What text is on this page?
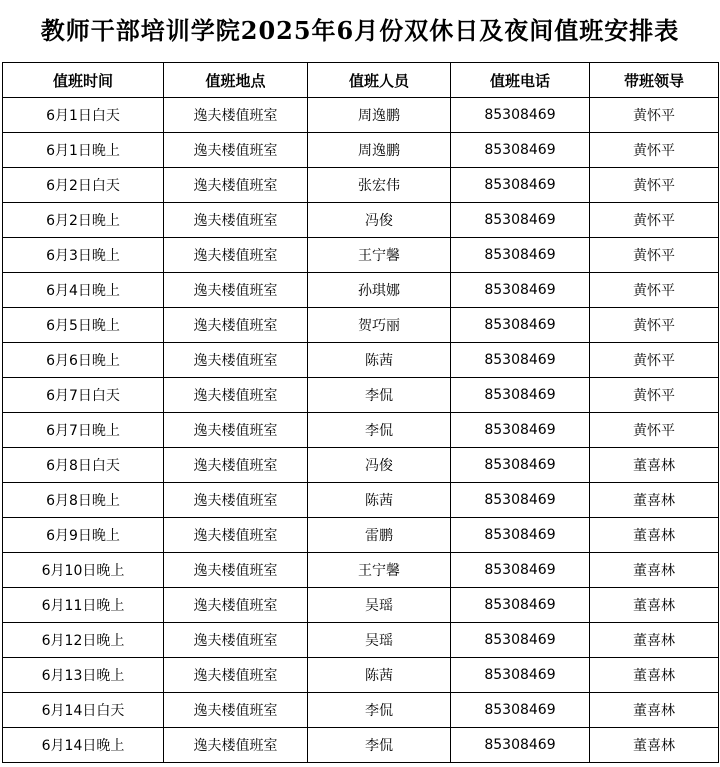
教师干部培训学院2025年6月份双休日及夜间值班安排表
值班时间	值班地点	值班人员	值班电话	带班领导
6月1日白天	逸夫楼值班室	周逸鹏	85308469	黄怀平
6月1日晚上	逸夫楼值班室	周逸鹏	85308469	黄怀平
6月2日白天	逸夫楼值班室	张宏伟	85308469	黄怀平
6月2日晚上	逸夫楼值班室	冯俊	85308469	黄怀平
6月3日晚上	逸夫楼值班室	王宁馨	85308469	黄怀平
6月4日晚上	逸夫楼值班室	孙琪娜	85308469	黄怀平
6月5日晚上	逸夫楼值班室	贺巧丽	85308469	黄怀平
6月6日晚上	逸夫楼值班室	陈茜	85308469	黄怀平
6月7日白天	逸夫楼值班室	李侃	85308469	黄怀平
6月7日晚上	逸夫楼值班室	李侃	85308469	黄怀平
6月8日白天	逸夫楼值班室	冯俊	85308469	董喜林
6月8日晚上	逸夫楼值班室	陈茜	85308469	董喜林
6月9日晚上	逸夫楼值班室	雷鹏	85308469	董喜林
6月10日晚上	逸夫楼值班室	王宁馨	85308469	董喜林
6月11日晚上	逸夫楼值班室	吴瑶	85308469	董喜林
6月12日晚上	逸夫楼值班室	吴瑶	85308469	董喜林
6月13日晚上	逸夫楼值班室	陈茜	85308469	董喜林
6月14日白天	逸夫楼值班室	李侃	85308469	董喜林
6月14日晚上	逸夫楼值班室	李侃	85308469	董喜林
